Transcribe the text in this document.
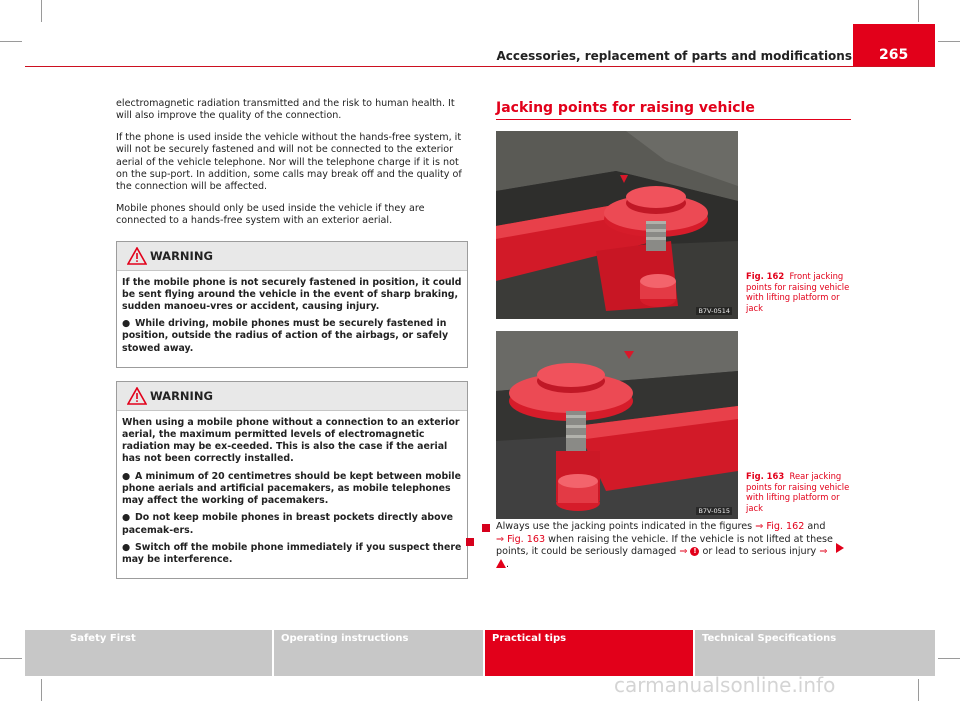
265
Accessories, replacement of parts and modifications

electromagnetic radiation transmitted and the risk to human health. It will also improve the quality of the connection.

If the phone is used inside the vehicle without the hands-free system, it will not be securely fastened and will not be connected to the exterior aerial of the vehicle telephone. Nor will the telephone charge if it is not on the sup-port. In addition, some calls may break off and the quality of the connection will be affected.

Mobile phones should only be used inside the vehicle if they are connected to a hands-free system with an exterior aerial.

WARNING

If the mobile phone is not securely fastened in position, it could be sent flying around the vehicle in the event of sharp braking, sudden manoeu-vres or accident, causing injury.

● While driving, mobile phones must be securely fastened in position, outside the radius of action of the airbags, or safely stowed away.

WARNING

When using a mobile phone without a connection to an exterior aerial, the maximum permitted levels of electromagnetic radiation may be ex-ceeded. This is also the case if the aerial has not been correctly installed.

● A minimum of 20 centimetres should be kept between mobile phone aerials and artificial pacemakers, as mobile telephones may affect the working of pacemakers.

● Do not keep mobile phones in breast pockets directly above pacemak-ers.

● Switch off the mobile phone immediately if you suspect there may be interference.

Jacking points for raising vehicle
B7V-0514
Fig. 162 Front jacking points for raising vehicle with lifting platform or jack
B7V-0515
Fig. 163 Rear jacking points for raising vehicle with lifting platform or jack
Always use the jacking points indicated in the figures ⇒ Fig. 162 and ⇒ Fig. 163 when raising the vehicle. If the vehicle is not lifted at these points, it could be seriously damaged ⇒ ! or lead to serious injury ⇒ .
Safety First	Operating instructions	Practical tips	Technical Specifications
carmanualsonline.info
